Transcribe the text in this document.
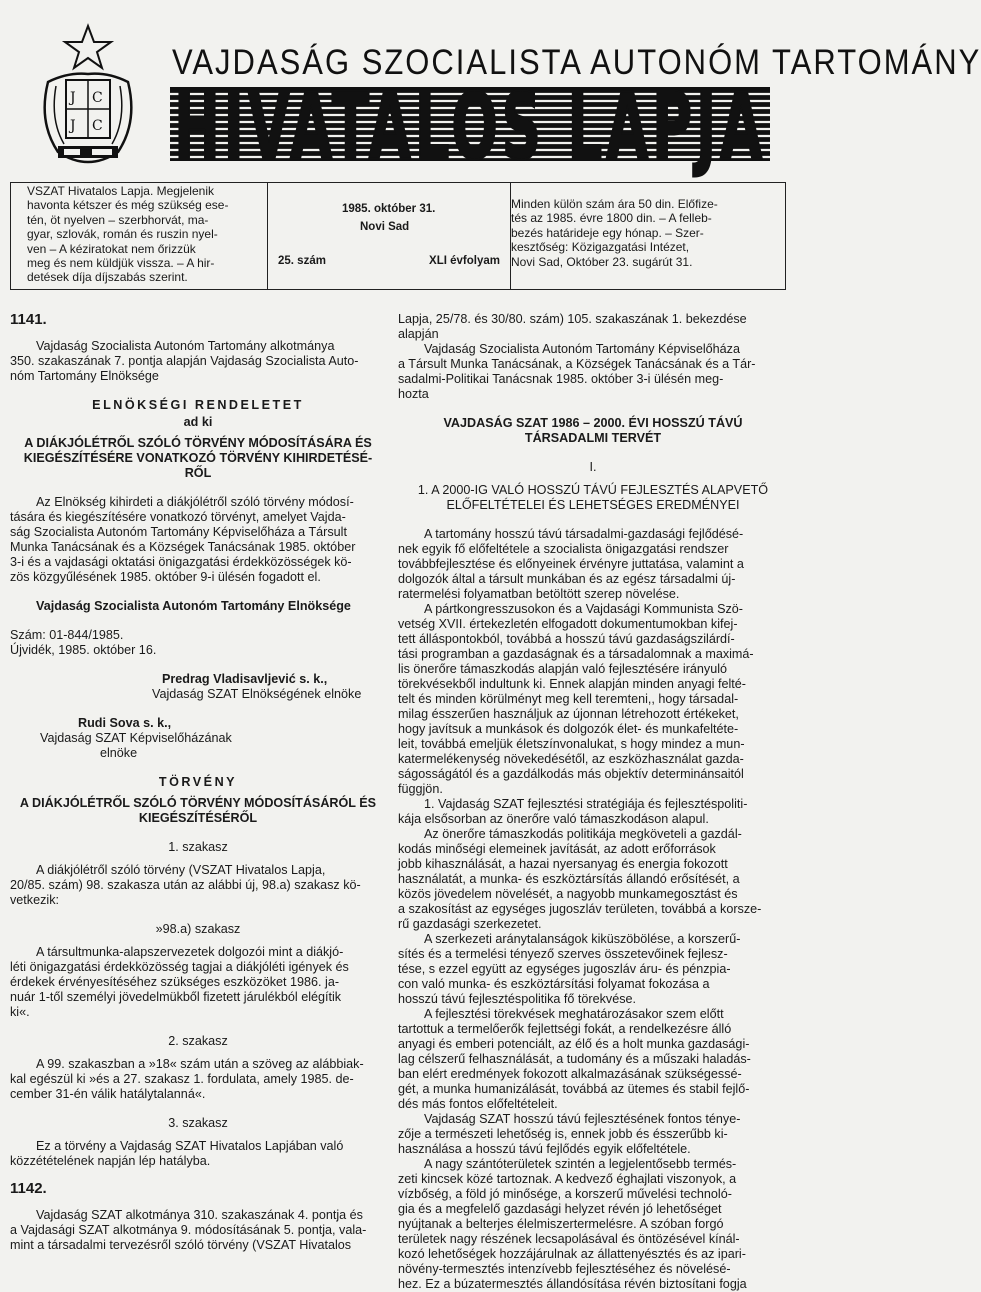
J C
J C
VAJDASÁG SZOCIALISTA AUTONÓM TARTOMÁNY
HIVATALOS LAPJA
VSZAT Hivatalos Lapja. Megjelenik
havonta kétszer és még szükség ese-
tén, öt nyelven – szerbhorvát, ma-
gyar, szlovák, román és ruszin nyel-
ven – A kéziratokat nem őrizzük
meg és nem küldjük vissza. – A hir-
detések díja díjszabás szerint.
1985. október 31.
Novi Sad
25. szám	XLI évfolyam
Minden külön szám ára 50 din. Előfize-
tés az 1985. évre 1800 din. – A felleb-
bezés határideje egy hónap. – Szer-
kesztőség: Közigazgatási Intézet,
Novi Sad, Október 23. sugárút 31.
1141.
Vajdaság Szocialista Autonóm Tartomány alkotmánya
350. szakaszának 7. pontja alapján Vajdaság Szocialista Auto-
nóm Tartomány Elnöksége
ELNÖKSÉGI RENDELETET
ad ki
A DIÁKJÓLÉTRŐL SZÓLÓ TÖRVÉNY MÓDOSÍTÁSÁRA ÉS
KIEGÉSZÍTÉSÉRE VONATKOZÓ TÖRVÉNY KIHIRDETÉSÉ-
RŐL
Az Elnökség kihirdeti a diákjólétről szóló törvény módosí-
tására és kiegészítésére vonatkozó törvényt, amelyet Vajda-
ság Szocialista Autonóm Tartomány Képviselőháza a Társult
Munka Tanácsának és a Községek Tanácsának 1985. október
3-i és a vajdasági oktatási önigazgatási érdekközösségek kö-
zös közgyűlésének 1985. október 9-i ülésén fogadott el.
Vajdaság Szocialista Autonóm Tartomány Elnöksége
Szám: 01-844/1985.
Újvidék, 1985. október 16.
Predrag Vladisavljević s. k.,
Vajdaság SZAT Elnökségének elnöke
Rudi Sova s. k.,
Vajdaság SZAT Képviselőházának
elnöke
TÖRVÉNY
A DIÁKJÓLÉTRŐL SZÓLÓ TÖRVÉNY MÓDOSÍTÁSÁRÓL ÉS
KIEGÉSZÍTÉSÉRŐL
1. szakasz
A diákjólétről szóló törvény (VSZAT Hivatalos Lapja,
20/85. szám) 98. szakasza után az alábbi új, 98.a) szakasz kö-
vetkezik:
»98.a) szakasz
A társultmunka-alapszervezetek dolgozói mint a diákjó-
léti önigazgatási érdekközösség tagjai a diákjóléti igények és
érdekek érvényesítéséhez szükséges eszközöket 1986. ja-
nuár 1-től személyi jövedelmükből fizetett járulékból elégítik
ki«.
2. szakasz
A 99. szakaszban a »18« szám után a szöveg az alábbiak-
kal egészül ki »és a 27. szakasz 1. fordulata, amely 1985. de-
cember 31-én válik hatálytalanná«.
3. szakasz
Ez a törvény a Vajdaság SZAT Hivatalos Lapjában való
közzétételének napján lép hatályba.
1142.
Vajdaság SZAT alkotmánya 310. szakaszának 4. pontja és
a Vajdasági SZAT alkotmánya 9. módosításának 5. pontja, vala-
mint a társadalmi tervezésről szóló törvény (VSZAT Hivatalos
Lapja, 25/78. és 30/80. szám) 105. szakaszának 1. bekezdése
alapján
Vajdaság Szocialista Autonóm Tartomány Képviselőháza
a Társult Munka Tanácsának, a Községek Tanácsának és a Tár-
sadalmi-Politikai Tanácsnak 1985. október 3-i ülésén meg-
hozta
VAJDASÁG SZAT 1986 – 2000. ÉVI HOSSZÚ TÁVÚ
TÁRSADALMI TERVÉT
I.
1. A 2000-IG VALÓ HOSSZÚ TÁVÚ FEJLESZTÉS ALAPVETŐ
ELŐFELTÉTELEI ÉS LEHETSÉGES EREDMÉNYEI
A tartomány hosszú távú társadalmi-gazdasági fejlődésé-
nek egyik fő előfeltétele a szocialista önigazgatási rendszer
továbbfejlesztése és előnyeinek érvényre juttatása, valamint a
dolgozók által a társult munkában és az egész társadalmi új-
ratermelési folyamatban betöltött szerep növelése.
A pártkongresszusokon és a Vajdasági Kommunista Szö-
vetség XVII. értekezletén elfogadott dokumentumokban kifej-
tett álláspontokból, továbbá a hosszú távú gazdaságszilárdí-
tási programban a gazdaságnak és a társadalomnak a maximá-
lis önerőre támaszkodás alapján való fejlesztésére irányuló
törekvésekből indultunk ki. Ennek alapján minden anyagi felté-
telt és minden körülményt meg kell teremteni,, hogy társadal-
milag ésszerűen használjuk az újonnan létrehozott értékeket,
hogy javítsuk a munkások és dolgozók élet- és munkafeltéte-
leit, továbbá emeljük életszínvonalukat, s hogy mindez a mun-
katermelékenység növekedésétől, az eszközhasználat gazda-
ságosságától és a gazdálkodás más objektív determinánsaitól
függjön.
1. Vajdaság SZAT fejlesztési stratégiája és fejlesztéspoliti-
kája elsősorban az önerőre való támaszkodáson alapul.
Az önerőre támaszkodás politikája megköveteli a gazdál-
kodás minőségi elemeinek javítását, az adott erőforrások
jobb kihasználását, a hazai nyersanyag és energia fokozott
használatát, a munka- és eszköztársítás állandó erősítését, a
közös jövedelem növelését, a nagyobb munkamegosztást és
a szakosítást az egységes jugoszláv területen, továbbá a korsze-
rű gazdasági szerkezetet.
A szerkezeti aránytalanságok kiküszöbölése, a korszerű-
sítés és a termelési tényező szerves összetevőinek fejlesz-
tése, s ezzel együtt az egységes jugoszláv áru- és pénzpia-
con való munka- és eszköztársítási folyamat fokozása a
hosszú távú fejlesztéspolitika fő törekvése.
A fejlesztési törekvések meghatározásakor szem előtt
tartottuk a termelőerők fejlettségi fokát, a rendelkezésre álló
anyagi és emberi potenciált, az élő és a holt munka gazdasági-
lag célszerű felhasználását, a tudomány és a műszaki haladás-
ban elért eredmények fokozott alkalmazásának szükségessé-
gét, a munka humanizálását, továbbá az ütemes és stabil fejlő-
dés más fontos előfeltételeit.
Vajdaság SZAT hosszú távú fejlesztésének fontos ténye-
zője a természeti lehetőség is, ennek jobb és ésszerűbb ki-
használása a hosszú távú fejlődés egyik előfeltétele.
A nagy szántóterületek szintén a legjelentősebb termés-
zeti kincsek közé tartoznak. A kedvező éghajlati viszonyok, a
vízbőség, a föld jó minősége, a korszerű művelési technoló-
gia és a megfelelő gazdasági helyzet révén jó lehetőséget
nyújtanak a belterjes élelmiszertermelésre. A szóban forgó
területek nagy részének lecsapolásával és öntözésével kínál-
kozó lehetőségek hozzájárulnak az állattenyésztés és az ipari-
növény-termesztés intenzívebb fejlesztéséhez és növelésé-
hez. Ez a búzatermesztés állandósítása révén biztosítani fogja
